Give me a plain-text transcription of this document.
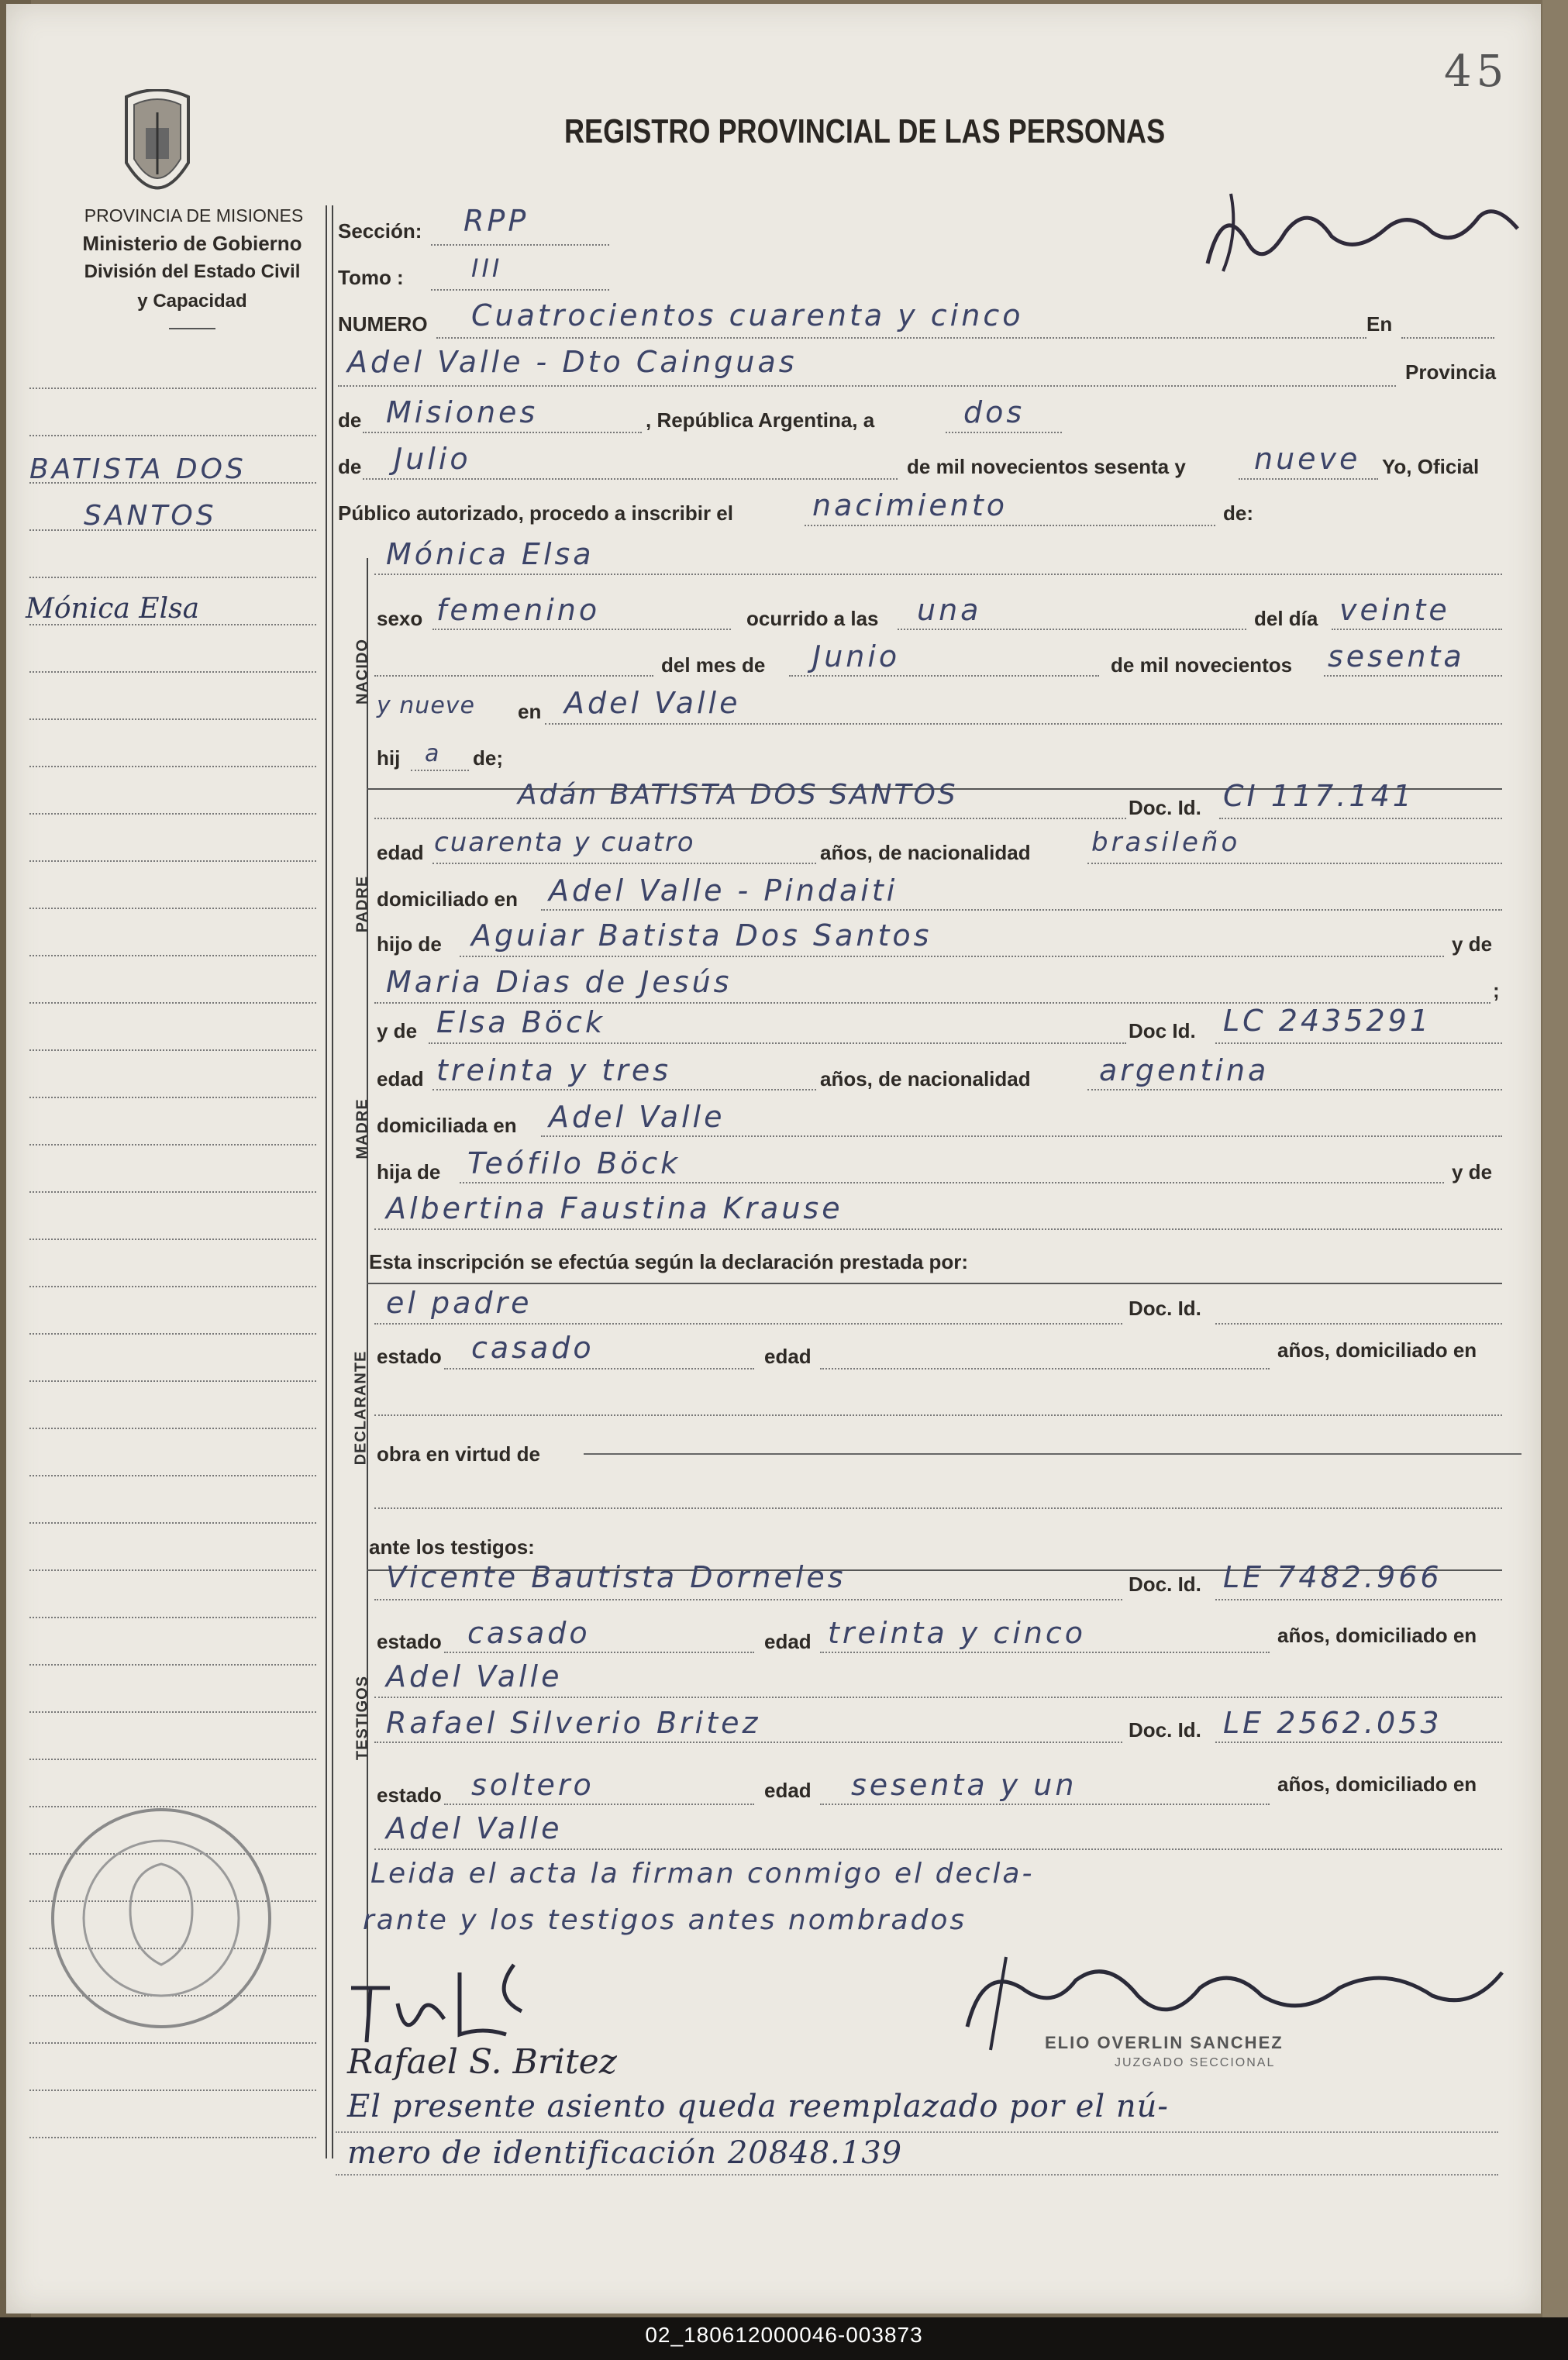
45
REGISTRO PROVINCIAL DE LAS PERSONAS
PROVINCIA DE MISIONES
Ministerio de Gobierno
División del Estado Civil
y Capacidad
BATISTA DOS
SANTOS
Mónica Elsa
Sección: RPP
Tomo :	III
NUMERO Cuatrocientos cuarenta y cinco	En
Adel Valle - Dto Cainguas	Provincia
de Misiones	, República Argentina, a	dos
de Julio	de mil novecientos sesenta y nueve Yo, Oficial
Público autorizado, procedo a inscribir el	nacimiento	de:
NACIDO
Mónica Elsa
sexo femenino	ocurrido a las una	del día veinte
del mes de Junio	de mil novecientos sesenta
y nueve en Adel Valle
hij a de;
PADRE
Adán BATISTA DOS SANTOS	Doc. Id. CI 117.141
edad cuarenta y cuatro	años, de nacionalidad brasileño
domiciliado en Adel Valle - Pindaiti
hijo de Aguiar Batista Dos Santos	y de
Maria Dias de Jesús	;
MADRE
y de Elsa Böck	Doc Id. LC 2435291
edad treinta y tres	años, de nacionalidad argentina
domiciliada en Adel Valle
hija de Teófilo Böck	y de
Albertina Faustina Krause
Esta inscripción se efectúa según la declaración prestada por:
DECLARANTE
el padre	Doc. Id.
estado casado	edad	años, domiciliado en
obra en virtud de
ante los testigos:
TESTIGOS
Vicente Bautista Dorneles	Doc. Id. LE 7482.966
estado casado	edad treinta y cinco	años, domiciliado en
Adel Valle
Rafael Silverio Britez	Doc. Id. LE 2562.053
estado soltero	edad sesenta y un	años, domiciliado en
Adel Valle
Leida el acta la firman conmigo el decla-
rante y los testigos antes nombrados
Rafael S. Britez	ELIO OVERLIN SANCHEZ
JUZGADO SECCIONAL
El presente asiento queda reemplazado por el nú-
mero de identificación 20848.139
02_180612000046-003873
